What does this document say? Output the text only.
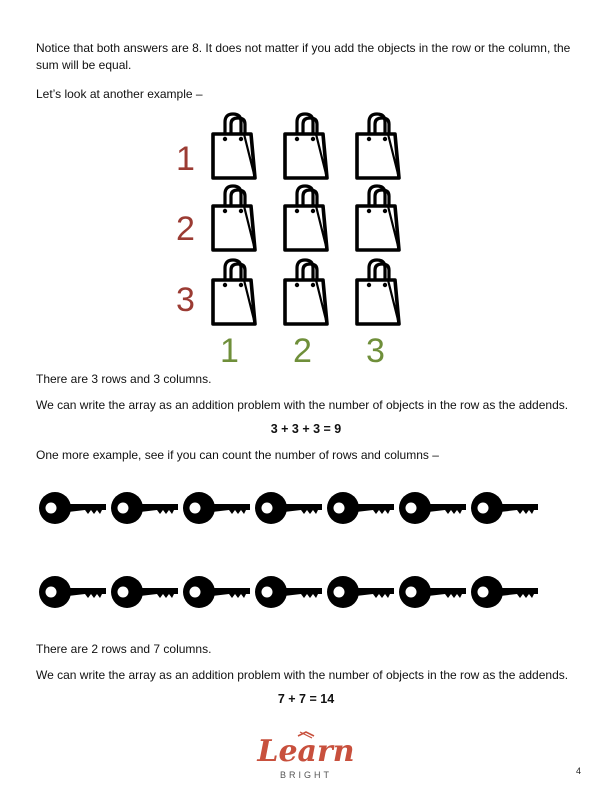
Notice that both answers are 8. It does not matter if you add the objects in the row or the column, the sum will be equal.

Let’s look at another example –

1
2
3
1 2 3

There are 3 rows and 3 columns.

We can write the array as an addition problem with the number of objects in the row as the addends.

3 + 3 + 3 = 9

One more example, see if you can count the number of rows and columns –

There are 2 rows and 7 columns.

We can write the array as an addition problem with the number of objects in the row as the addends.

7 + 7 = 14

Learn
BRIGHT	4
